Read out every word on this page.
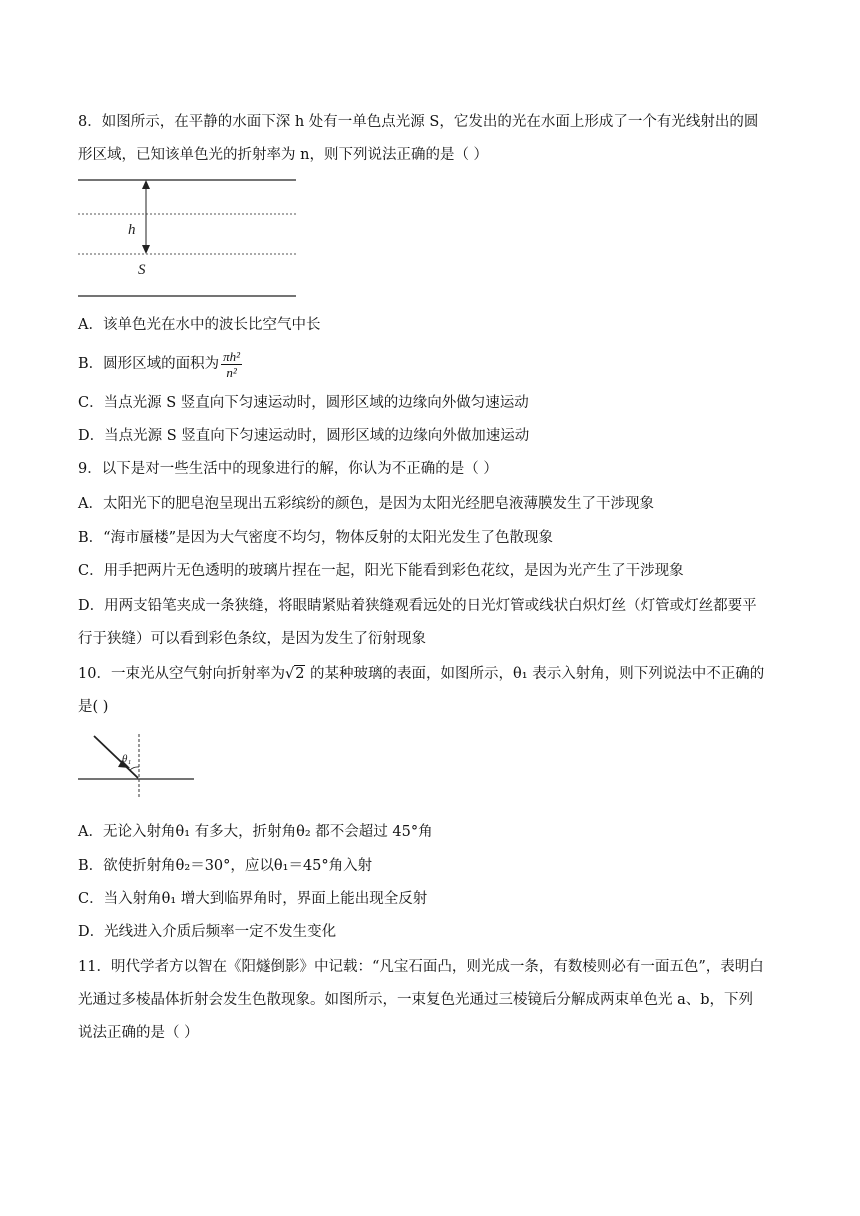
8．如图所示，在平静的水面下深 h 处有一单色点光源 S，它发出的光在水面上形成了一个有光线射出的圆
形区域，已知该单色光的折射率为 n，则下列说法正确的是（ ）
h
S
A．该单色光在水中的波长比空气中长
B．圆形区域的面积为 $\frac{\text{πh²}}{\text{n²}}$
C．当点光源 S 竖直向下匀速运动时，圆形区域的边缘向外做匀速运动
D．当点光源 S 竖直向下匀速运动时，圆形区域的边缘向外做加速运动
9．以下是对一些生活中的现象进行的解，你认为不正确的是（ ）
A．太阳光下的肥皂泡呈现出五彩缤纷的颜色，是因为太阳光经肥皂液薄膜发生了干涉现象
B．“海市蜃楼”是因为大气密度不均匀，物体反射的太阳光发生了色散现象
C．用手把两片无色透明的玻璃片捏在一起，阳光下能看到彩色花纹，是因为光产生了干涉现象
D．用两支铅笔夹成一条狭缝，将眼睛紧贴着狭缝观看远处的日光灯管或线状白炽灯丝（灯管或灯丝都要平
行于狭缝）可以看到彩色条纹，是因为发生了衍射现象
10．一束光从空气射向折射率为√2 的某种玻璃的表面，如图所示，θ₁ 表示入射角，则下列说法中不正确的
是( )
θ₁
A．无论入射角θ₁ 有多大，折射角θ₂ 都不会超过 45°角
B．欲使折射角θ₂＝30°，应以θ₁＝45°角入射
C．当入射角θ₁ 增大到临界角时，界面上能出现全反射
D．光线进入介质后频率一定不发生变化
11．明代学者方以智在《阳燧倒影》中记载：“凡宝石面凸，则光成一条，有数棱则必有一面五色”，表明白
光通过多棱晶体折射会发生色散现象。如图所示，一束复色光通过三棱镜后分解成两束单色光 a、b，下列
说法正确的是（ ）
